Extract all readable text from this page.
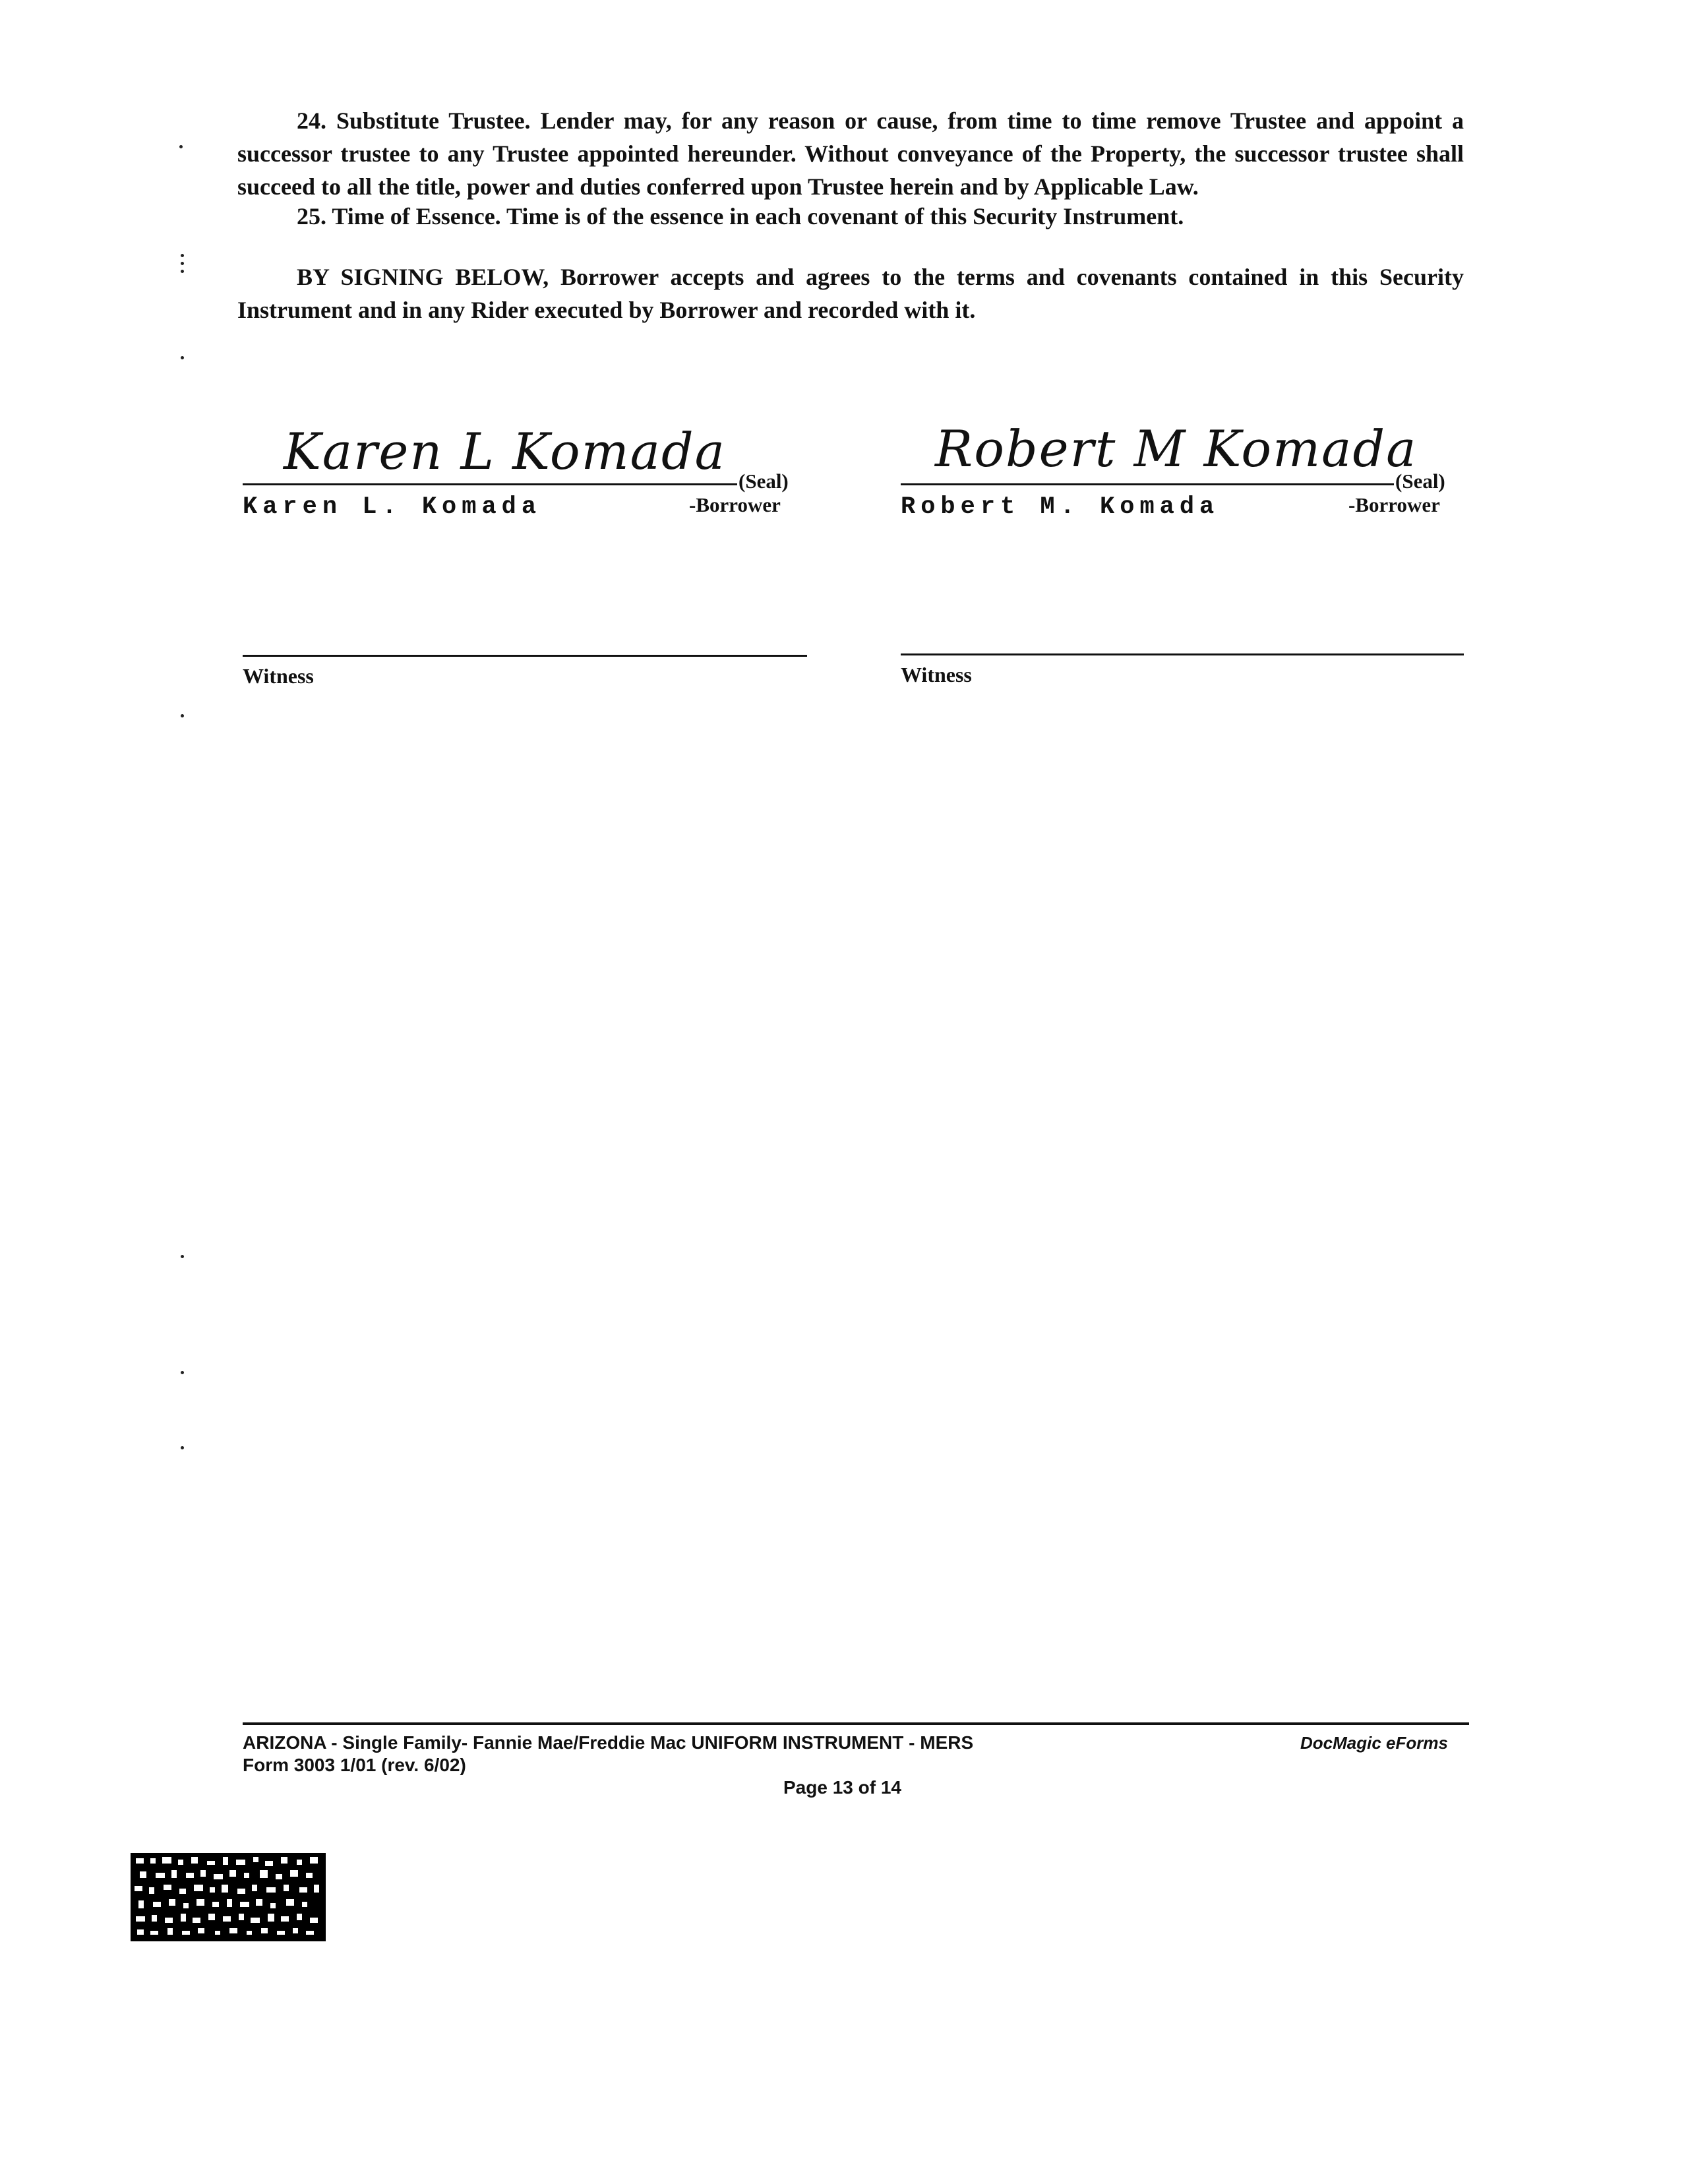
24. Substitute Trustee. Lender may, for any reason or cause, from time to time remove Trustee and appoint a successor trustee to any Trustee appointed hereunder. Without conveyance of the Property, the successor trustee shall succeed to all the title, power and duties conferred upon Trustee herein and by Applicable Law.

25. Time of Essence. Time is of the essence in each covenant of this Security Instrument.

BY SIGNING BELOW, Borrower accepts and agrees to the terms and covenants contained in this Security Instrument and in any Rider executed by Borrower and recorded with it.

Karen L Komada
(Seal)
Karen L. Komada	-Borrower
Robert M Komada
(Seal)
Robert M. Komada	-Borrower
Witness	Witness
ARIZONA - Single Family- Fannie Mae/Freddie Mac UNIFORM INSTRUMENT - MERS
Form 3003 1/01 (rev. 6/02)
Page 13 of 14
DocMagic eForms
